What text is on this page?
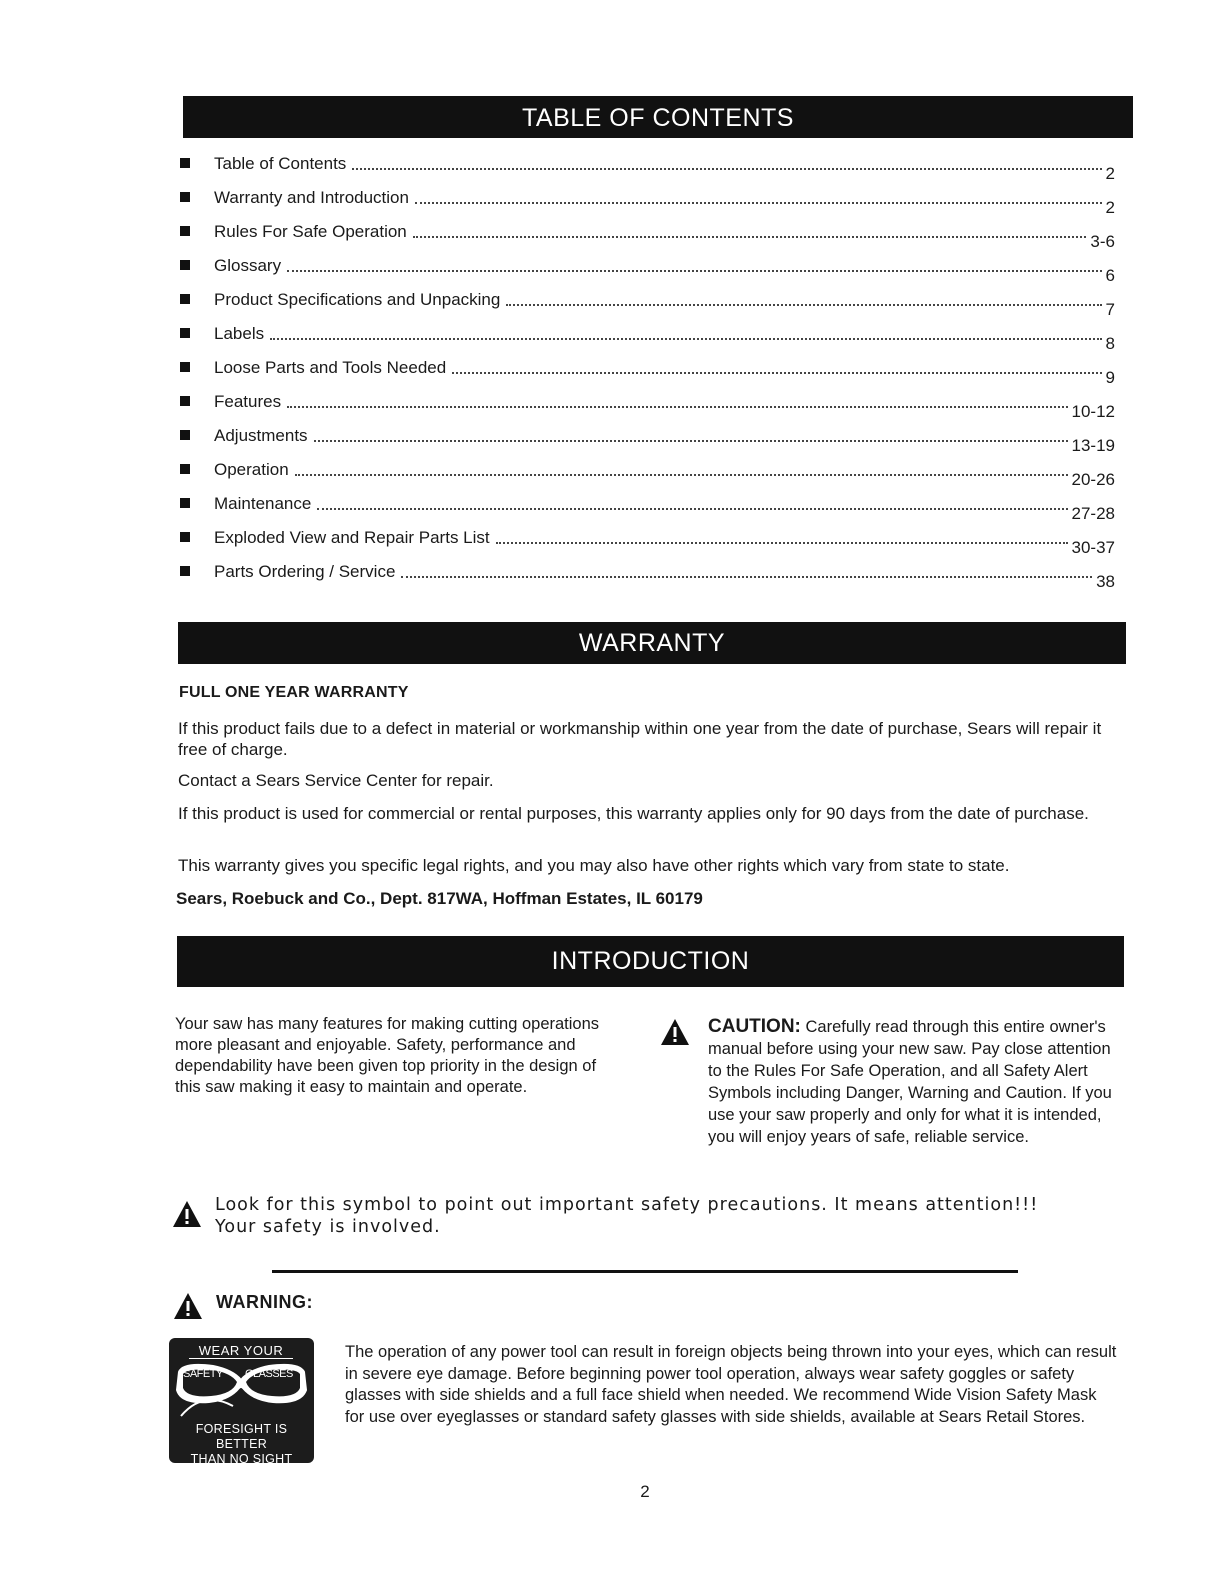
TABLE OF CONTENTS
Table of Contents
2
Warranty and Introduction
2
Rules For Safe Operation
3-6
Glossary
6
Product Specifications and Unpacking
7
Labels
8
Loose Parts and Tools Needed
9
Features
10-12
Adjustments
13-19
Operation
20-26
Maintenance
27-28
Exploded View and Repair Parts List
30-37
Parts Ordering / Service
38
WARRANTY
FULL ONE YEAR WARRANTY
If this product fails due to a defect in material or workmanship within one year from the date of purchase, Sears will repair it free of charge.
Contact a Sears Service Center for repair.
If this product is used for commercial or rental purposes, this warranty applies only for 90 days from the date of purchase.
This warranty gives you specific legal rights, and you may also have other rights which vary from state to state.
Sears, Roebuck and Co., Dept. 817WA, Hoffman Estates, IL 60179
INTRODUCTION
Your saw has many features for making cutting operations more pleasant and enjoyable. Safety, performance and dependability have been given top priority in the design of this saw making it easy to maintain and operate.
CAUTION: Carefully read through this entire owner's manual before using your new saw. Pay close attention to the Rules For Safe Operation, and all Safety Alert Symbols including Danger, Warning and Caution. If you use your saw properly and only for what it is intended, you will enjoy years of safe, reliable service.
Look for this symbol to point out important safety precautions. It means attention!!! Your safety is involved.
WARNING:
WEAR YOUR
SAFETY GLASSES
FORESIGHT IS BETTER
THAN NO SIGHT
The operation of any power tool can result in foreign objects being thrown into your eyes, which can result in severe eye damage. Before beginning power tool operation, always wear safety goggles or safety glasses with side shields and a full face shield when needed. We recommend Wide Vision Safety Mask for use over eyeglasses or standard safety glasses with side shields, available at Sears Retail Stores.
2
